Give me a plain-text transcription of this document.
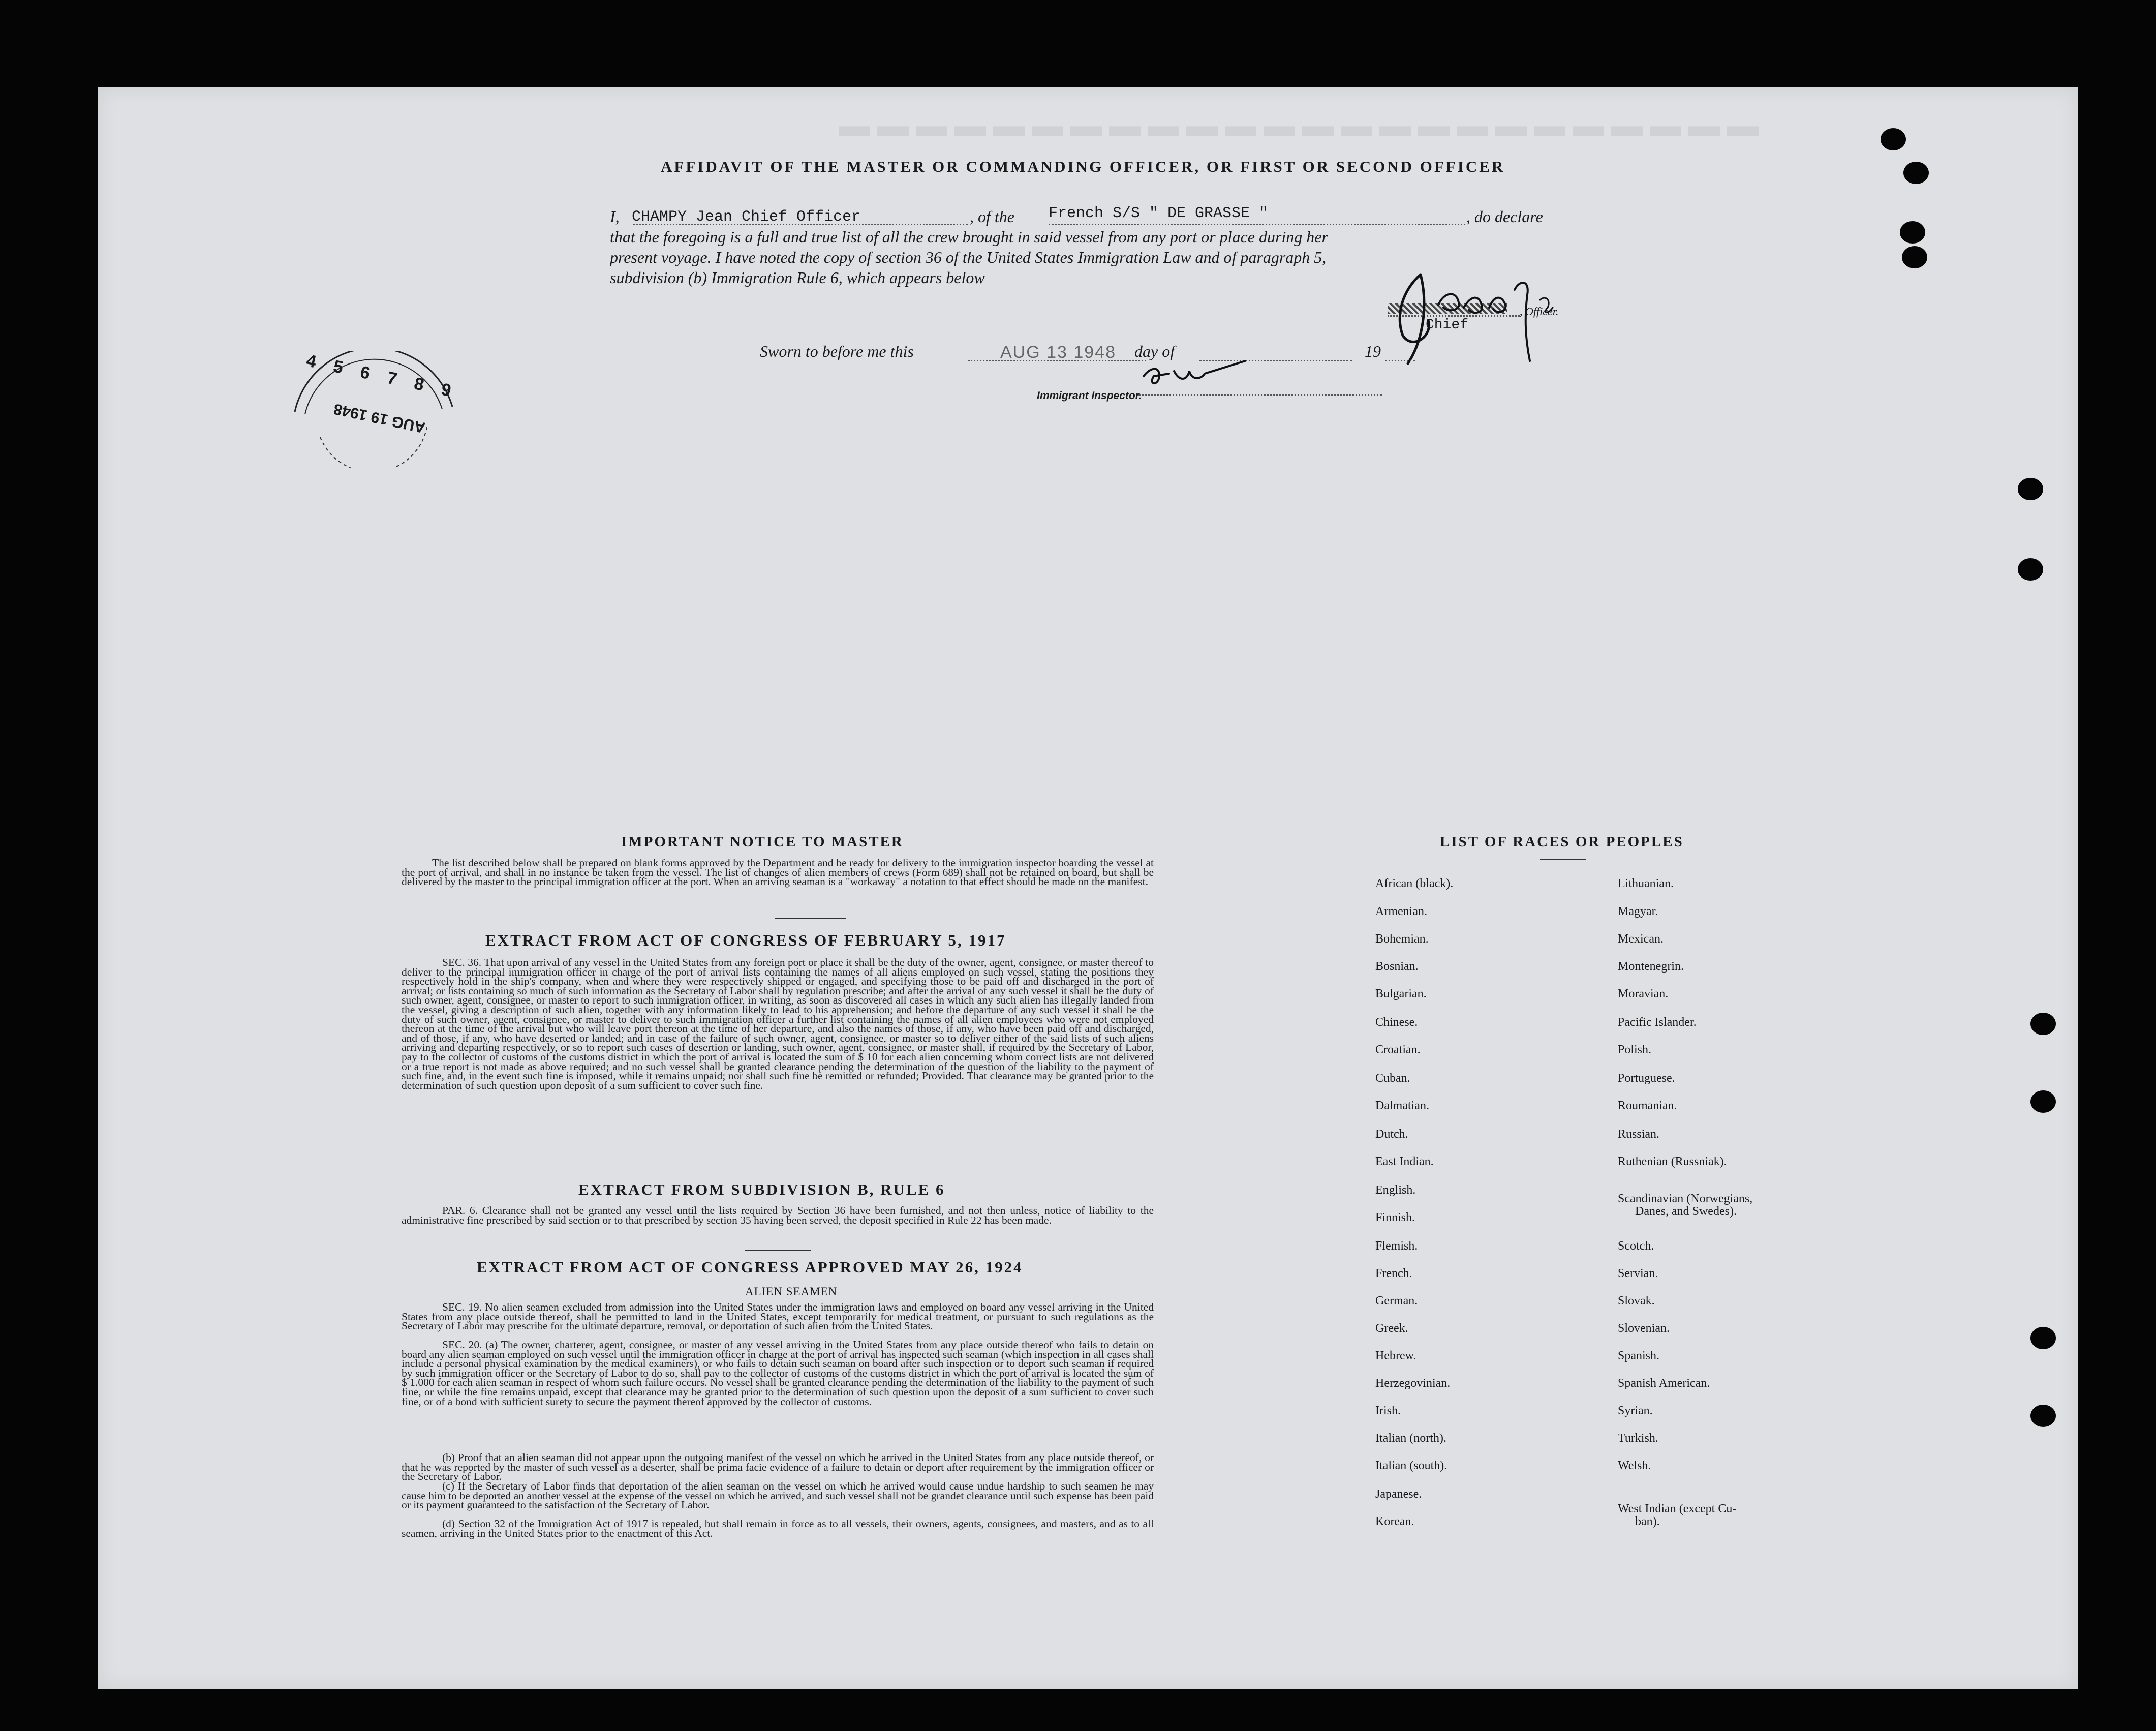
▬▬▬▬▬▬▬▬▬▬▬▬▬▬▬▬▬▬▬▬▬▬▬▬
AFFIDAVIT OF THE MASTER OR COMMANDING OFFICER, OR FIRST OR SECOND OFFICER
I, CHAMPY Jean Chief Officer	, of the French S/S " DE GRASSE "	, do declare
that the foregoing is a full and true list of all the crew brought in said vessel from any port or place during her
present voyage. I have noted the copy of section 36 of the United States Immigration Law and of paragraph 5,
subdivision (b) Immigration Rule 6, which appears below
, Officer.
Chief
Sworn to before me this	AUG 13 1948 day of	19
Immigrant Inspector.
4 5 6 7 8 9
AUG 19 1948
IMPORTANT NOTICE TO MASTER
The list described below shall be prepared on blank forms approved by the Department and be ready for delivery to the immigration inspector boarding the vessel at the port of arrival, and shall in no instance be taken from the vessel. The list of changes of alien members of crews (Form 689) shall not be retained on board, but shall be delivered by the master to the principal immigration officer at the port. When an arriving seaman is a "workaway" a notation to that effect should be made on the manifest.
EXTRACT FROM ACT OF CONGRESS OF FEBRUARY 5, 1917
SEC. 36. That upon arrival of any vessel in the United States from any foreign port or place it shall be the duty of the owner, agent, consignee, or master thereof to deliver to the principal immigration officer in charge of the port of arrival lists containing the names of all aliens employed on such vessel, stating the positions they respectively hold in the ship's company, when and where they were respectively shipped or engaged, and specifying those to be paid off and discharged in the port of arrival; or lists containing so much of such information as the Secretary of Labor shall by regulation prescribe; and after the arrival of any such vessel it shall be the duty of such owner, agent, consignee, or master to report to such immigration officer, in writing, as soon as discovered all cases in which any such alien has illegally landed from the vessel, giving a description of such alien, together with any information likely to lead to his apprehension; and before the departure of any such vessel it shall be the duty of such owner, agent, consignee, or master to deliver to such immigration officer a further list containing the names of all alien employees who were not employed thereon at the time of the arrival but who will leave port thereon at the time of her departure, and also the names of those, if any, who have been paid off and discharged, and of those, if any, who have deserted or landed; and in case of the failure of such owner, agent, consignee, or master so to deliver either of the said lists of such aliens arriving and departing respectively, or so to report such cases of desertion or landing, such owner, agent, consignee, or master shall, if required by the Secretary of Labor, pay to the collector of customs of the customs district in which the port of arrival is located the sum of $ 10 for each alien concerning whom correct lists are not delivered or a true report is not made as above required; and no such vessel shall be granted clearance pending the determination of the question of the liability to the payment of such fine, and, in the event such fine is imposed, while it remains unpaid; nor shall such fine be remitted or refunded; Provided. That clearance may be granted prior to the determination of such question upon deposit of a sum sufficient to cover such fine.
EXTRACT FROM SUBDIVISION B, RULE 6
PAR. 6. Clearance shall not be granted any vessel until the lists required by Section 36 have been furnished, and not then unless, notice of liability to the administrative fine prescribed by said section or to that prescribed by section 35 having been served, the deposit specified in Rule 22 has been made.
EXTRACT FROM ACT OF CONGRESS APPROVED MAY 26, 1924
ALIEN SEAMEN
SEC. 19. No alien seamen excluded from admission into the United States under the immigration laws and employed on board any vessel arriving in the United States from any place outside thereof, shall be permitted to land in the United States, except temporarily for medical treatment, or pursuant to such regulations as the Secretary of Labor may prescribe for the ultimate departure, removal, or deportation of such alien from the United States.
SEC. 20. (a) The owner, charterer, agent, consignee, or master of any vessel arriving in the United States from any place outside thereof who fails to detain on board any alien seaman employed on such vessel until the immigration officer in charge at the port of arrival has inspected such seaman (which inspection in all cases shall include a personal physical examination by the medical examiners), or who fails to detain such seaman on board after such inspection or to deport such seaman if required by such immigration officer or the Secretary of Labor to do so, shall pay to the collector of customs of the customs district in which the port of arrival is located the sum of $ 1.000 for each alien seaman in respect of whom such failure occurs. No vessel shall be granted clearance pending the determination of the liability to the payment of such fine, or while the fine remains unpaid, except that clearance may be granted prior to the determination of such question upon the deposit of a sum sufficient to cover such fine, or of a bond with sufficient surety to secure the payment thereof approved by the collector of customs.
(b) Proof that an alien seaman did not appear upon the outgoing manifest of the vessel on which he arrived in the United States from any place outside thereof, or that he was reported by the master of such vessel as a deserter, shall be prima facie evidence of a failure to detain or deport after requirement by the immigration officer or the Secretary of Labor.
(c) If the Secretary of Labor finds that deportation of the alien seaman on the vessel on which he arrived would cause undue hardship to such seamen he may cause him to be deported an another vessel at the expense of the vessel on which he arrived, and such vessel shall not be grandet clearance until such expense has been paid or its payment guaranteed to the satisfaction of the Secretary of Labor.
(d) Section 32 of the Immigration Act of 1917 is repealed, but shall remain in force as to all vessels, their owners, agents, consignees, and masters, and as to all seamen, arriving in the United States prior to the enactment of this Act.
LIST OF RACES OR PEOPLES
African (black).
Armenian.
Bohemian.
Bosnian.
Bulgarian.
Chinese.
Croatian.
Cuban.
Dalmatian.
Dutch.
East Indian.
English.
Finnish.
Flemish.
French.
German.
Greek.
Hebrew.
Herzegovinian.
Irish.
Italian (north).
Italian (south).
Japanese.
Korean.
Lithuanian.
Magyar.
Mexican.
Montenegrin.
Moravian.
Pacific Islander.
Polish.
Portuguese.
Roumanian.
Russian.
Ruthenian (Russniak).
Scandinavian (Norwegians,
Danes, and Swedes).
Scotch.
Servian.
Slovak.
Slovenian.
Spanish.
Spanish American.
Syrian.
Turkish.
Welsh.
West Indian (except Cu-
ban).
